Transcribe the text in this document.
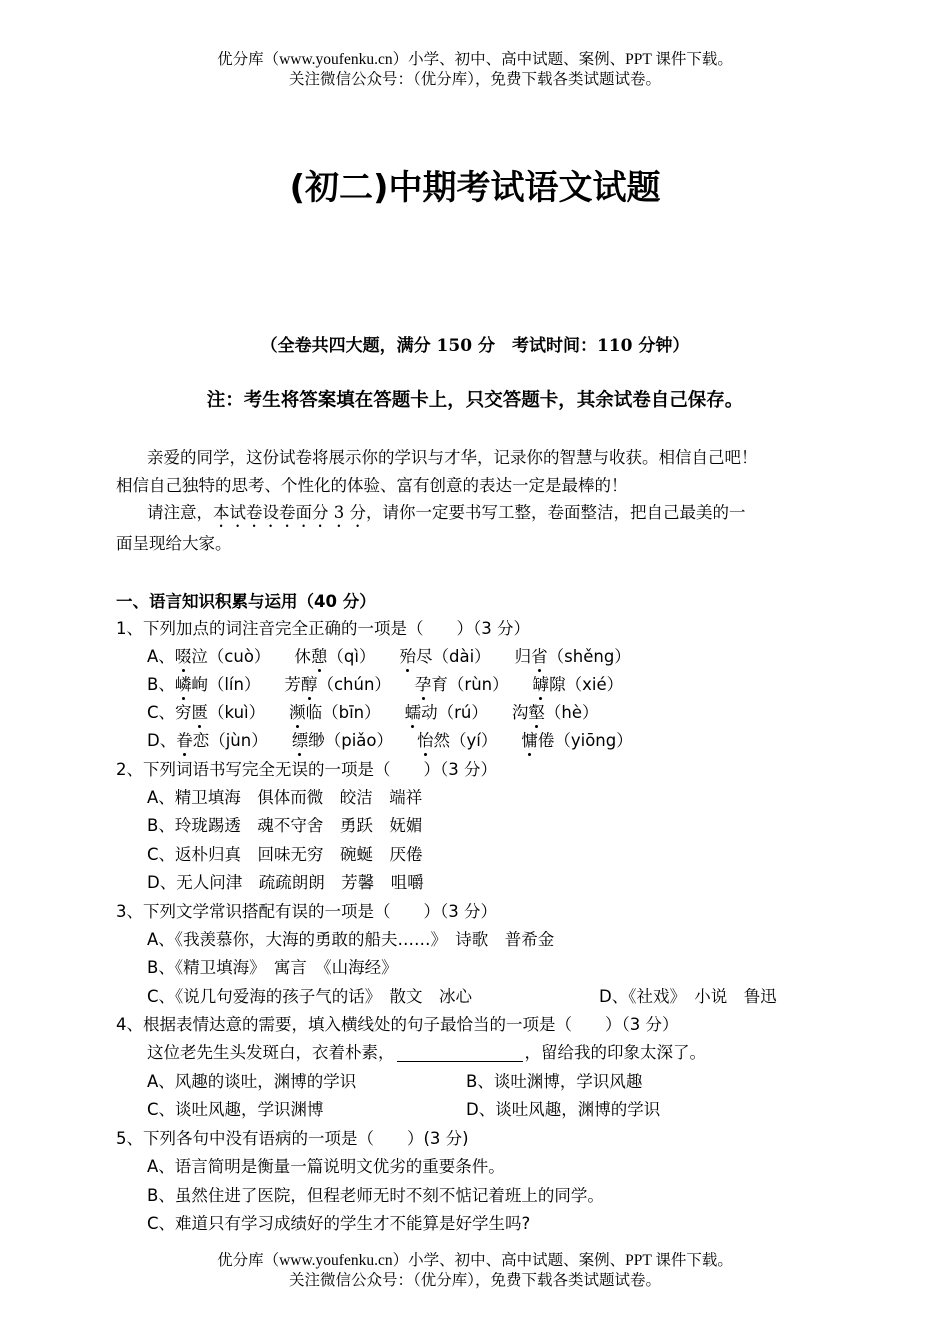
优分库（www.youfenku.cn）小学、初中、高中试题、案例、PPT 课件下载。
关注微信公众号：（优分库），免费下载各类试题试卷。
(初二)中期考试语文试题
（全卷共四大题，满分 150 分　考试时间：110 分钟）
注：考生将答案填在答题卡上，只交答题卡，其余试卷自己保存。
亲爱的同学，这份试卷将展示你的学识与才华，记录你的智慧与收获。相信自己吧！
相信自己独特的思考、个性化的体验、富有创意的表达一定是最棒的！
请注意，本试卷设卷面分 3 分，请你一定要书写工整，卷面整洁，把自己最美的一
面呈现给大家。
一、语言知识积累与运用（40 分）
1、下列加点的词注音完全正确的一项是（　　）（3 分）
A、啜泣（cuò） 休憩（qì） 殆尽（dài） 归省（shěng）
B、嶙峋（lín） 芳醇（chún） 孕育（rùn） 罅隙（xié）
C、穷匮（kuì） 濒临（bīn） 蠕动（rú） 沟壑（hè）
D、眷恋（jùn） 缥缈（piǎo） 怡然（yí） 慵倦（yiōng）
2、下列词语书写完全无误的一项是（　　）（3 分）
A、精卫填海　俱体而微　皎洁　端祥
B、玲珑踢透　魂不守舍　勇跃　妩媚
C、返朴归真　回味无穷　碗蜒　厌倦
D、无人问津　疏疏朗朗　芳馨　咀嚼
3、下列文学常识搭配有误的一项是（　　）（3 分）
A、《我羡慕你，大海的勇敢的船夫……》　诗歌　普希金
B、《精卫填海》　寓言　《山海经》
C、《说几句爱海的孩子气的话》　散文　冰心	D、《社戏》　小说　鲁迅
4、根据表情达意的需要，填入横线处的句子最恰当的一项是（　　）（3 分）
这位老先生头发斑白，衣着朴素，	，留给我的印象太深了。
A、风趣的谈吐，渊博的学识	B、谈吐渊博，学识风趣
C、谈吐风趣，学识渊博	D、谈吐风趣，渊博的学识
5、下列各句中没有语病的一项是（　　）(3 分)
A、语言简明是衡量一篇说明文优劣的重要条件。
B、虽然住进了医院，但程老师无时不刻不惦记着班上的同学。
C、难道只有学习成绩好的学生才不能算是好学生吗?
优分库（www.youfenku.cn）小学、初中、高中试题、案例、PPT 课件下载。
关注微信公众号：（优分库），免费下载各类试题试卷。
